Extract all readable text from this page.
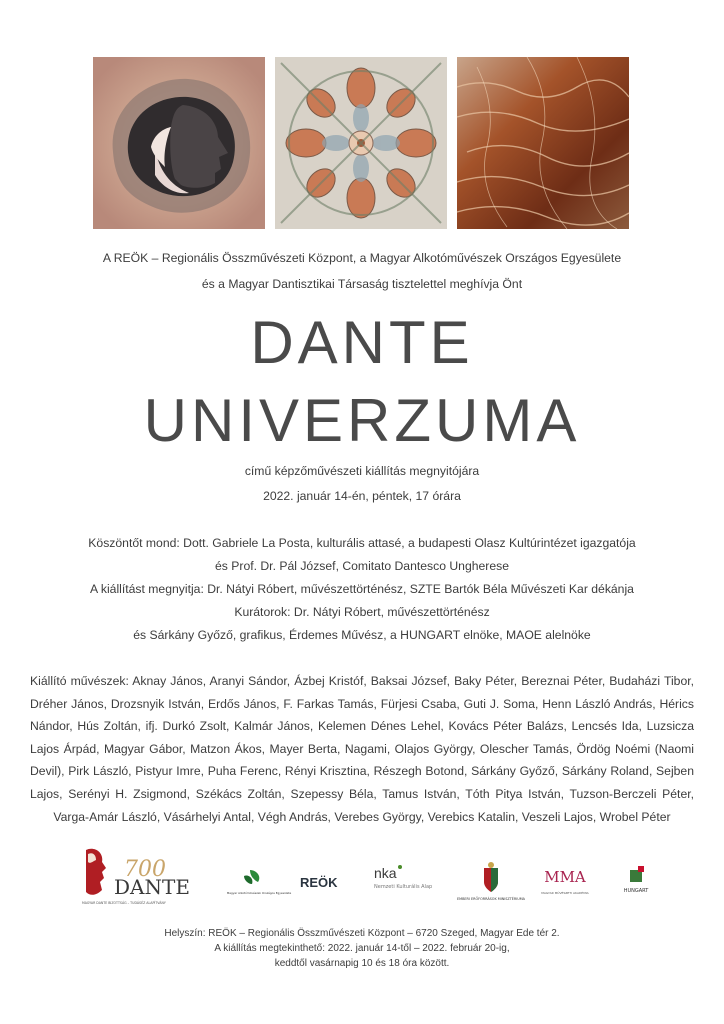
A REÖK – Regionális Összművészeti Központ, a Magyar Alkotóművészek Országos Egyesülete
és a Magyar Dantisztikai Társaság tisztelettel meghívja Önt
DANTE
UNIVERZUMA
című képzőművészeti kiállítás megnyitójára
2022. január 14-én, péntek, 17 órára
Köszöntőt mond: Dott. Gabriele La Posta, kulturális attasé, a budapesti Olasz Kultúrintézet igazgatója
és Prof. Dr. Pál József, Comitato Dantesco Ungherese
A kiállítást megnyitja: Dr. Nátyi Róbert, művészettörténész, SZTE Bartók Béla Művészeti Kar dékánja
Kurátorok: Dr. Nátyi Róbert, művészettörténész
és Sárkány Győző, grafikus, Érdemes Művész, a HUNGART elnöke, MAOE alelnöke
Kiállító művészek: Aknay János, Aranyi Sándor, Ázbej Kristóf, Baksai József, Baky Péter, Bereznai Péter, Budaházi Tibor, Dréher János, Drozsnyik István, Erdős János, F. Farkas Tamás, Fürjesi Csaba, Guti J. Soma, Henn László András, Hérics Nándor, Hús Zoltán, ifj. Durkó Zsolt, Kalmár János, Kelemen Dénes Lehel, Kovács Péter Balázs, Lencsés Ida, Luzsicza Lajos Árpád, Magyar Gábor, Matzon Ákos, Mayer Berta, Nagami, Olajos György, Olescher Tamás, Ördög Noémi (Naomi Devil), Pirk László, Pistyur Imre, Puha Ferenc, Rényi Krisztina, Részegh Botond, Sárkány Győző, Sárkány Roland, Sejben Lajos, Serényi H. Zsigmond, Székács Zoltán, Szepessy Béla, Tamus István, Tóth Pitya István, Tuzson-Berczeli Péter, Varga-Amár László, Vásárhelyi Antal, Végh András, Verebes György, Verebics Katalin, Veszeli Lajos, Wrobel Péter
700
DANTE
MAGYAR DANTE BIZOTTSÁG – TUDÁSÉZ ALAPÍTVÁNY
Magyar Alkotóművészek Országos Egyesülete
REÖK
nka
Nemzeti Kulturális Alap
EMBERI ERŐFORRÁSOK MINISZTÉRIUMA
MMA
MAGYAR MŰVÉSZETI AKADÉMIA	HUNGART
Helyszín: REÖK – Regionális Összművészeti Központ – 6720 Szeged, Magyar Ede tér 2.
A kiállítás megtekinthető: 2022. január 14-től – 2022. február 20-ig,
keddtől vasárnapig 10 és 18 óra között.
